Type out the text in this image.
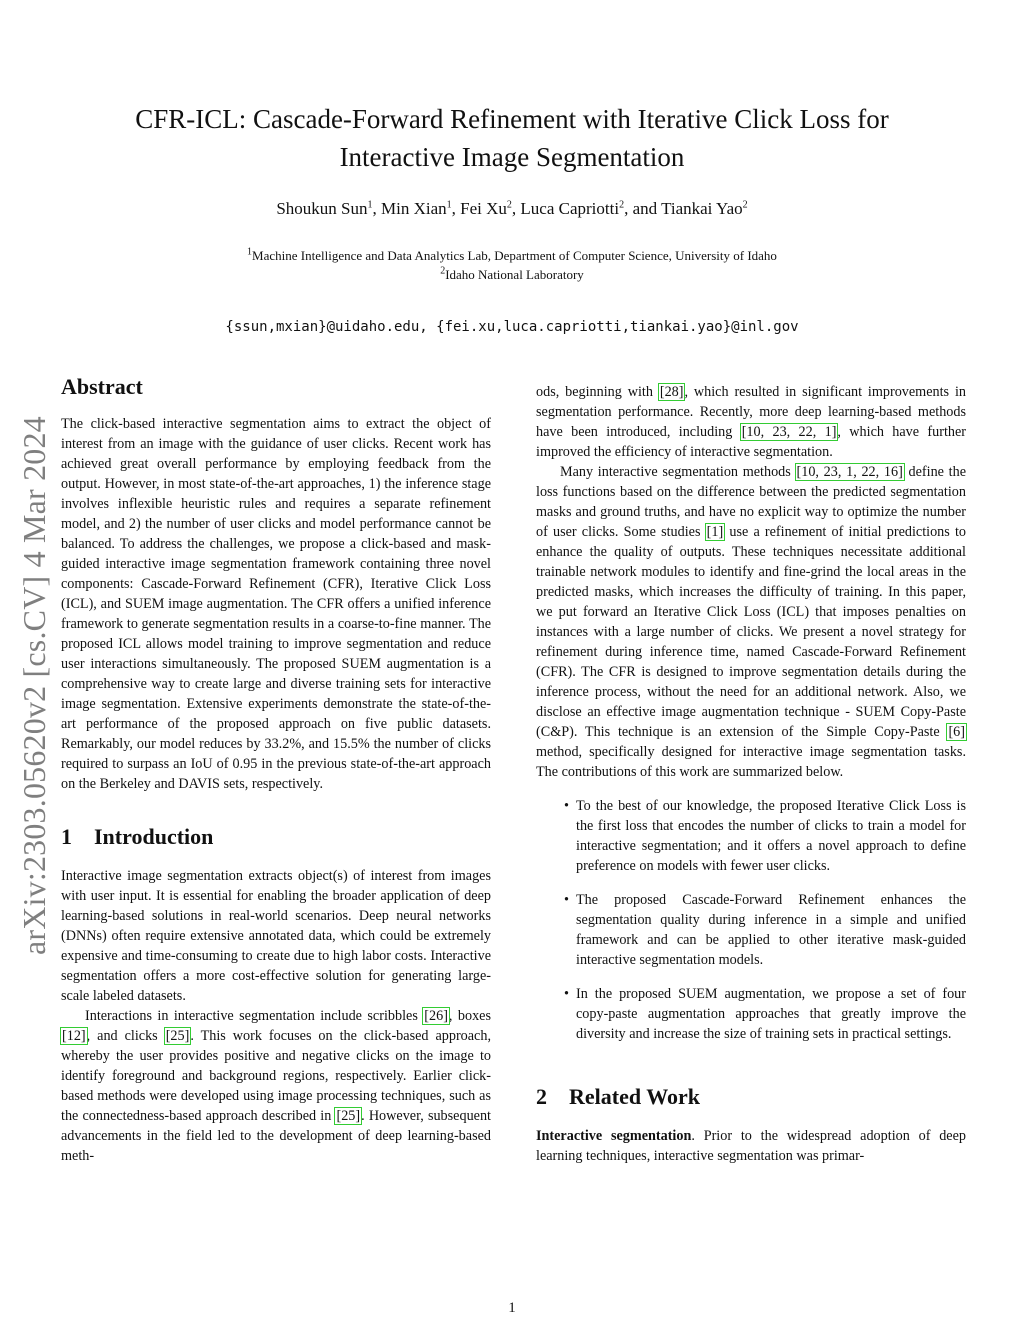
CFR-ICL: Cascade-Forward Refinement with Iterative Click Loss for
Interactive Image Segmentation
Shoukun Sun$^1$, Min Xian$^1$, Fei Xu$^2$, Luca Capriotti$^2$, and Tiankai Yao$^2$
$^1$Machine Intelligence and Data Analytics Lab, Department of Computer Science, University of Idaho
$^2$Idaho National Laboratory
{ssun,mxian}@uidaho.edu, {fei.xu,luca.capriotti,tiankai.yao}@inl.gov
arXiv:2303.05620v2 [cs.CV] 4 Mar 2024
Abstract

The click-based interactive segmentation aims to extract the object of interest from an image with the guidance of user clicks. Recent work has achieved great overall performance by employing feedback from the output. However, in most state-of-the-art approaches, 1) the inference stage involves inflexible heuristic rules and requires a separate refinement model, and 2) the number of user clicks and model performance cannot be balanced. To address the challenges, we propose a click-based and mask-guided interactive image segmentation framework containing three novel components: Cascade-Forward Refinement (CFR), Iterative Click Loss (ICL), and SUEM image augmentation. The CFR offers a unified inference framework to generate segmentation results in a coarse-to-fine manner. The proposed ICL allows model training to improve segmentation and reduce user interactions simultaneously. The proposed SUEM augmentation is a comprehensive way to create large and diverse training sets for interactive image segmentation. Extensive experiments demonstrate the state-of-the-art performance of the proposed approach on five public datasets. Remarkably, our model reduces by 33.2%, and 15.5% the number of clicks required to surpass an IoU of 0.95 in the previous state-of-the-art approach on the Berkeley and DAVIS sets, respectively.

1 Introduction

Interactive image segmentation extracts object(s) of interest from images with user input. It is essential for enabling the broader application of deep learning-based solutions in real-world scenarios. Deep neural networks (DNNs) often require extensive annotated data, which could be extremely expensive and time-consuming to create due to high labor costs. Interactive segmentation offers a more cost-effective solution for generating large-scale labeled datasets.

Interactions in interactive segmentation include scribbles [26], boxes [12], and clicks [25]. This work focuses on the click-based approach, whereby the user provides positive and negative clicks on the image to identify foreground and background regions, respectively. Earlier click-based methods were developed using image processing techniques, such as the connectedness-based approach described in [25]. However, subsequent advancements in the field led to the development of deep learning-based meth-

ods, beginning with [28], which resulted in significant improvements in segmentation performance. Recently, more deep learning-based methods have been introduced, including [10, 23, 22, 1], which have further improved the efficiency of interactive segmentation.

Many interactive segmentation methods [10, 23, 1, 22, 16] define the loss functions based on the difference between the predicted segmentation masks and ground truths, and have no explicit way to optimize the number of user clicks. Some studies [1] use a refinement of initial predictions to enhance the quality of outputs. These techniques necessitate additional trainable network modules to identify and fine-grind the local areas in the predicted masks, which increases the difficulty of training. In this paper, we put forward an Iterative Click Loss (ICL) that imposes penalties on instances with a large number of clicks. We present a novel strategy for refinement during inference time, named Cascade-Forward Refinement (CFR). The CFR is designed to improve segmentation details during the inference process, without the need for an additional network. Also, we disclose an effective image augmentation technique - SUEM Copy-Paste (C&P). This technique is an extension of the Simple Copy-Paste [6] method, specifically designed for interactive image segmentation tasks. The contributions of this work are summarized below.

• To the best of our knowledge, the proposed Iterative Click Loss is the first loss that encodes the number of clicks to train a model for interactive segmentation; and it offers a novel approach to define preference on models with fewer user clicks.
• The proposed Cascade-Forward Refinement enhances the segmentation quality during inference in a simple and unified framework and can be applied to other iterative mask-guided interactive segmentation models.
• In the proposed SUEM augmentation, we propose a set of four copy-paste augmentation approaches that greatly improve the diversity and increase the size of training sets in practical settings.
2 Related Work

Interactive segmentation. Prior to the widespread adoption of deep learning techniques, interactive segmentation was primar-

1
